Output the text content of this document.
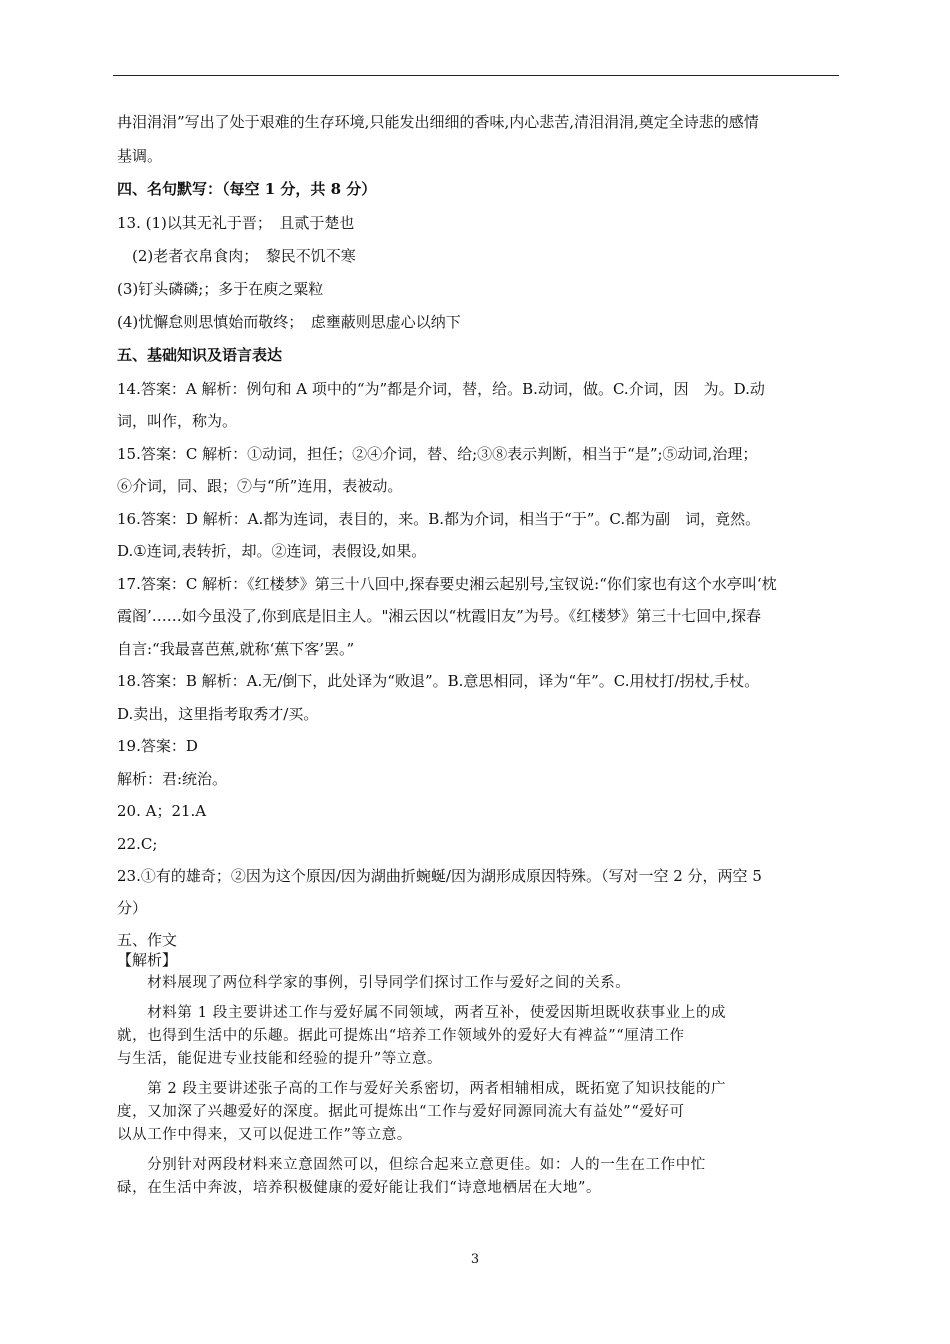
冉泪涓涓”写出了处于艰难的生存环境,只能发出细细的香味,内心悲苦,清泪涓涓,奠定全诗悲的感情
基调。
四、名句默写：（每空 1 分，共 8 分）
13. (1)以其无礼于晋；　且贰于楚也
　(2)老者衣帛食肉；　黎民不饥不寒
(3)钉头磷磷;；多于在庾之粟粒
(4)忧懈怠则思慎始而敬终；　虑壅蔽则思虚心以纳下
五、基础知识及语言表达
14.答案：A 解析：例句和 A 项中的“为”都是介词，替，给。B.动词，做。C.介词，因　为。D.动
词，叫作，称为。
15.答案：C 解析：①动词，担任；②④介词，替、给;③⑧表示判断，相当于“是”;⑤动词,治理；
⑥介词，同、跟；⑦与“所”连用，表被动。
16.答案：D 解析：A.都为连词，表目的，来。B.都为介词，相当于“于”。C.都为副　词，竟然。
D.①连词,表转折，却。②连词，表假设,如果。
17.答案：C 解析：《红楼梦》第三十八回中,探春要史湘云起别号,宝钗说:“你们家也有这个水亭叫‘枕
霞阁’……如今虽没了,你到底是旧主人。"湘云因以“枕霞旧友”为号。《红楼梦》第三十七回中,探春
自言:“我最喜芭蕉,就称‘蕉下客’罢。”
18.答案：B 解析：A.无/倒下，此处译为“败退”。B.意思相同，译为“年”。C.用杖打/拐杖,手杖。
D.卖出，这里指考取秀才/买。
19.答案：D
解析：君:统治。
20. A；21.A
22.C;
23.①有的雄奇；②因为这个原因/因为湖曲折蜿蜒/因为湖形成原因特殊。（写对一空 2 分，两空 5
分）
五、作文
【解析】
　　材料展现了两位科学家的事例，引导同学们探讨工作与爱好之间的关系。
　　材料第 1 段主要讲述工作与爱好属不同领域，两者互补，使爱因斯坦既收获事业上的成
就，也得到生活中的乐趣。据此可提炼出“培养工作领域外的爱好大有裨益”“厘清工作
与生活，能促进专业技能和经验的提升”等立意。
　　第 2 段主要讲述张子高的工作与爱好关系密切，两者相辅相成，既拓宽了知识技能的广
度，又加深了兴趣爱好的深度。据此可提炼出“工作与爱好同源同流大有益处”“爱好可
以从工作中得来，又可以促进工作”等立意。
　　分别针对两段材料来立意固然可以，但综合起来立意更佳。如：人的一生在工作中忙
碌，在生活中奔波，培养积极健康的爱好能让我们“诗意地栖居在大地”。
3
